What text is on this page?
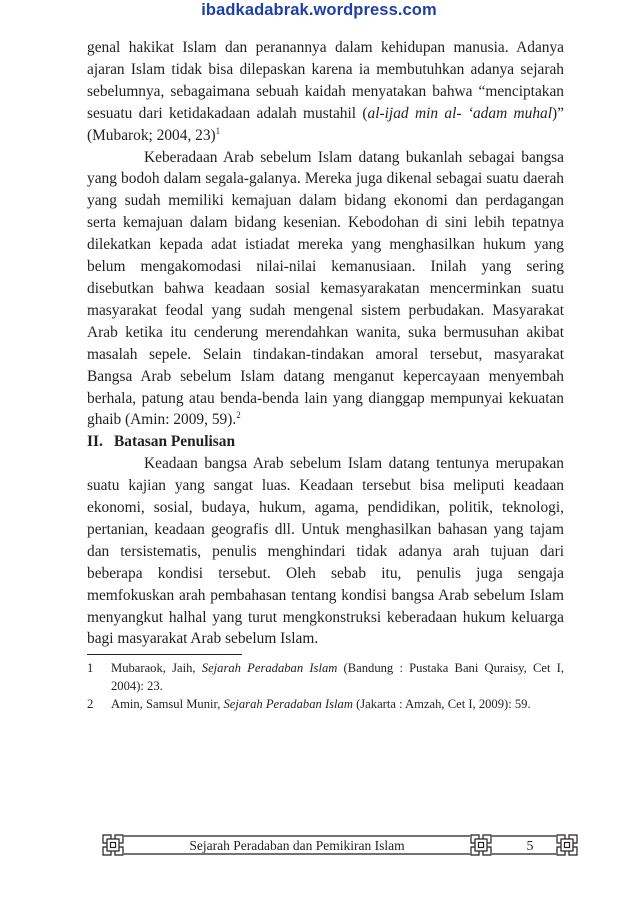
ibadkadabrak.wordpress.com

genal hakikat Islam dan peranannya dalam kehidupan manusia. Adanya ajaran Islam tidak bisa dilepaskan karena ia membutuhkan adanya sejarah sebelumnya, sebagaimana sebuah kaidah menyatakan bahwa “menciptakan sesuatu dari ketidakadaan adalah mustahil (al-ijad min al- ‘adam muhal)” (Mubarok; 2004, 23)$^1$

Keberadaan Arab sebelum Islam datang bukanlah sebagai bangsa yang bodoh dalam segala-galanya. Mereka juga dikenal sebagai suatu daerah yang sudah memiliki kemajuan dalam bidang ekonomi dan perdagangan serta kemajuan dalam bidang kesenian. Kebodohan di sini lebih tepatnya dilekatkan kepada adat istiadat mereka yang menghasilkan hukum yang belum mengakomodasi nilai-nilai kemanusiaan. Inilah yang sering disebutkan bahwa keadaan sosial kemasyarakatan mencerminkan suatu masyarakat feodal yang sudah mengenal sistem perbudakan. Masyarakat Arab ketika itu cenderung merendahkan wanita, suka bermusuhan akibat masalah sepele. Selain tindakan-tindakan amoral tersebut, masyarakat Bangsa Arab sebelum Islam datang menganut kepercayaan menyembah berhala, patung atau benda-benda lain yang dianggap mempunyai kekuatan ghaib (Amin: 2009, 59).$^2$

II. Batasan Penulisan

Keadaan bangsa Arab sebelum Islam datang tentunya merupakan suatu kajian yang sangat luas. Keadaan tersebut bisa meliputi keadaan ekonomi, sosial, budaya, hukum, agama, pendidikan, politik, teknologi, pertanian, keadaan geografis dll. Untuk menghasilkan bahasan yang tajam dan tersistematis, penulis menghindari tidak adanya arah tujuan dari beberapa kondisi tersebut. Oleh sebab itu, penulis juga sengaja memfokuskan arah pembahasan tentang kondisi bangsa Arab sebelum Islam menyangkut halhal yang turut mengkonstruksi keberadaan hukum keluarga bagi masyarakat Arab sebelum Islam.

1	Mubaraok, Jaih, Sejarah Peradaban Islam (Bandung : Pustaka Bani Quraisy, Cet I, 2004): 23.
2	Amin, Samsul Munir, Sejarah Peradaban Islam (Jakarta : Amzah, Cet I, 2009): 59.
Sejarah Peradaban dan Pemikiran Islam	5
